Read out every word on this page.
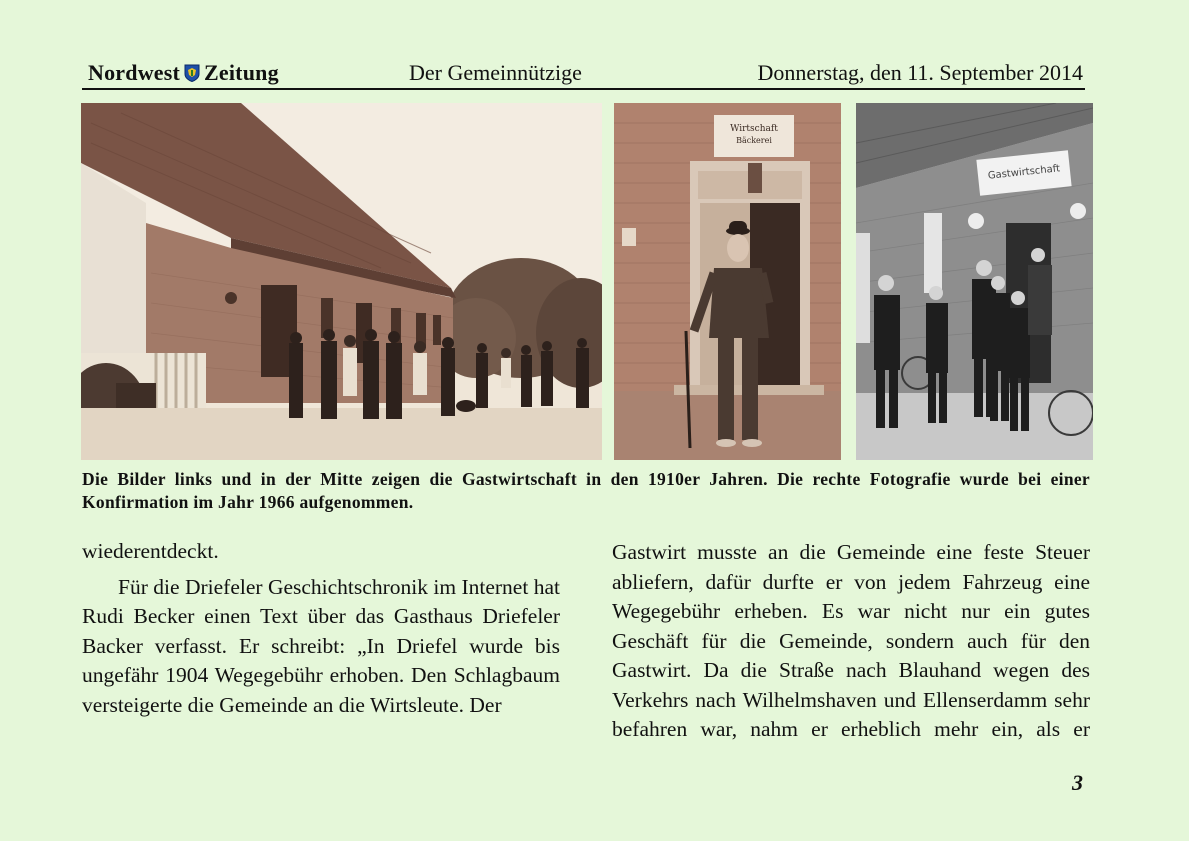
Nordwest Zeitung	Der Gemeinnützige	Donnerstag, den 11. September 2014
Wirtschaft
Bäckerei
Gastwirtschaft
Die Bilder links und in der Mitte zeigen die Gastwirtschaft in den 1910er Jahren. Die rechte Fotografie wurde bei einer Konfirmation im Jahr 1966 aufgenommen.

wiederentdeckt.

Für die Driefeler Geschichtschronik im Internet hat Rudi Becker einen Text über das Gasthaus Driefeler Backer verfasst. Er schreibt: „In Driefel wurde bis ungefähr 1904 Wegegebühr erhoben. Den Schlagbaum versteigerte die Gemeinde an die Wirtsleute. Der

Gastwirt musste an die Gemeinde eine feste Steuer abliefern, dafür durfte er von jedem Fahrzeug eine Wegegebühr erheben. Es war nicht nur ein gutes Geschäft für die Gemeinde, sondern auch für den Gastwirt. Da die Straße nach Blauhand wegen des Verkehrs nach Wilhelmshaven und Ellenserdamm sehr befahren war, nahm er erheblich mehr ein, als er

3
